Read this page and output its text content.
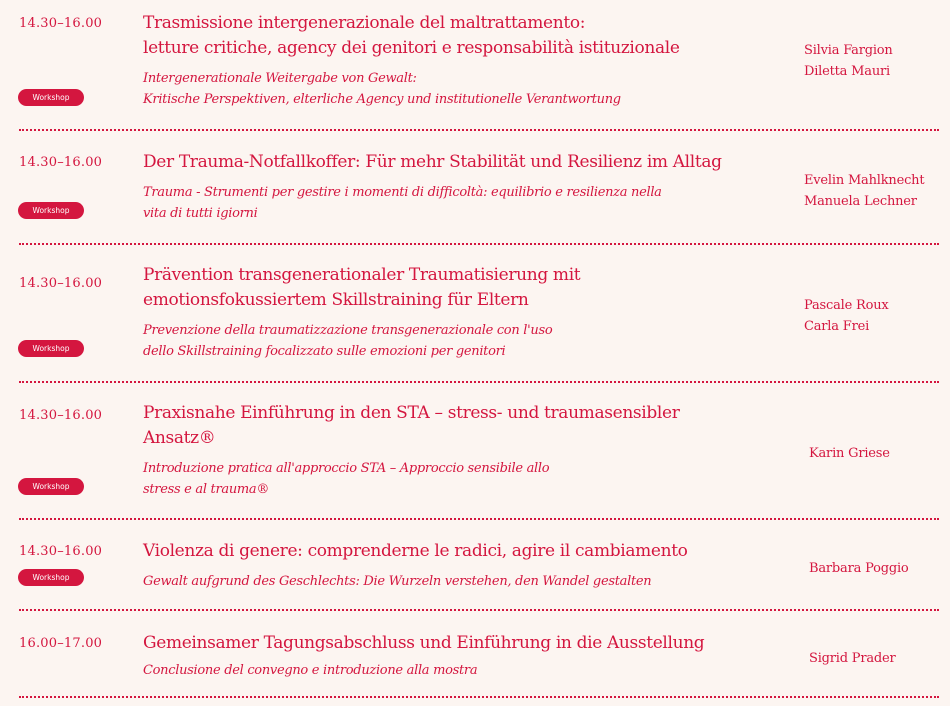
14.30–16.00
Workshop
Trasmissione intergenerazionale del maltrattamento:
letture critiche, agency dei genitori e responsabilità istituzionale
Intergenerationale Weitergabe von Gewalt:
Kritische Perspektiven, elterliche Agency und institutionelle Verantwortung
Silvia Fargion
Diletta Mauri
14.30–16.00
Workshop
Der Trauma-Notfallkoffer: Für mehr Stabilität und Resilienz im Alltag
Trauma - Strumenti per gestire i momenti di difficoltà: equilibrio e resilienza nella
vita di tutti igiorni
Evelin Mahlknecht
Manuela Lechner
14.30–16.00
Workshop
Prävention transgenerationaler Traumatisierung mit
emotionsfokussiertem Skillstraining für Eltern
Prevenzione della traumatizzazione transgenerazionale con l'uso
dello Skillstraining focalizzato sulle emozioni per genitori
Pascale Roux
Carla Frei
14.30–16.00
Workshop
Praxisnahe Einführung in den STA – stress- und traumasensibler
Ansatz®
Introduzione pratica all'approccio STA – Approccio sensibile allo
stress e al trauma®
Karin Griese
14.30–16.00
Workshop
Violenza di genere: comprenderne le radici, agire il cambiamento
Gewalt aufgrund des Geschlechts: Die Wurzeln verstehen, den Wandel gestalten
Barbara Poggio
16.00–17.00 Gemeinsamer Tagungsabschluss und Einführung in die Ausstellung
Conclusione del convegno e introduzione alla mostra
Sigrid Prader
